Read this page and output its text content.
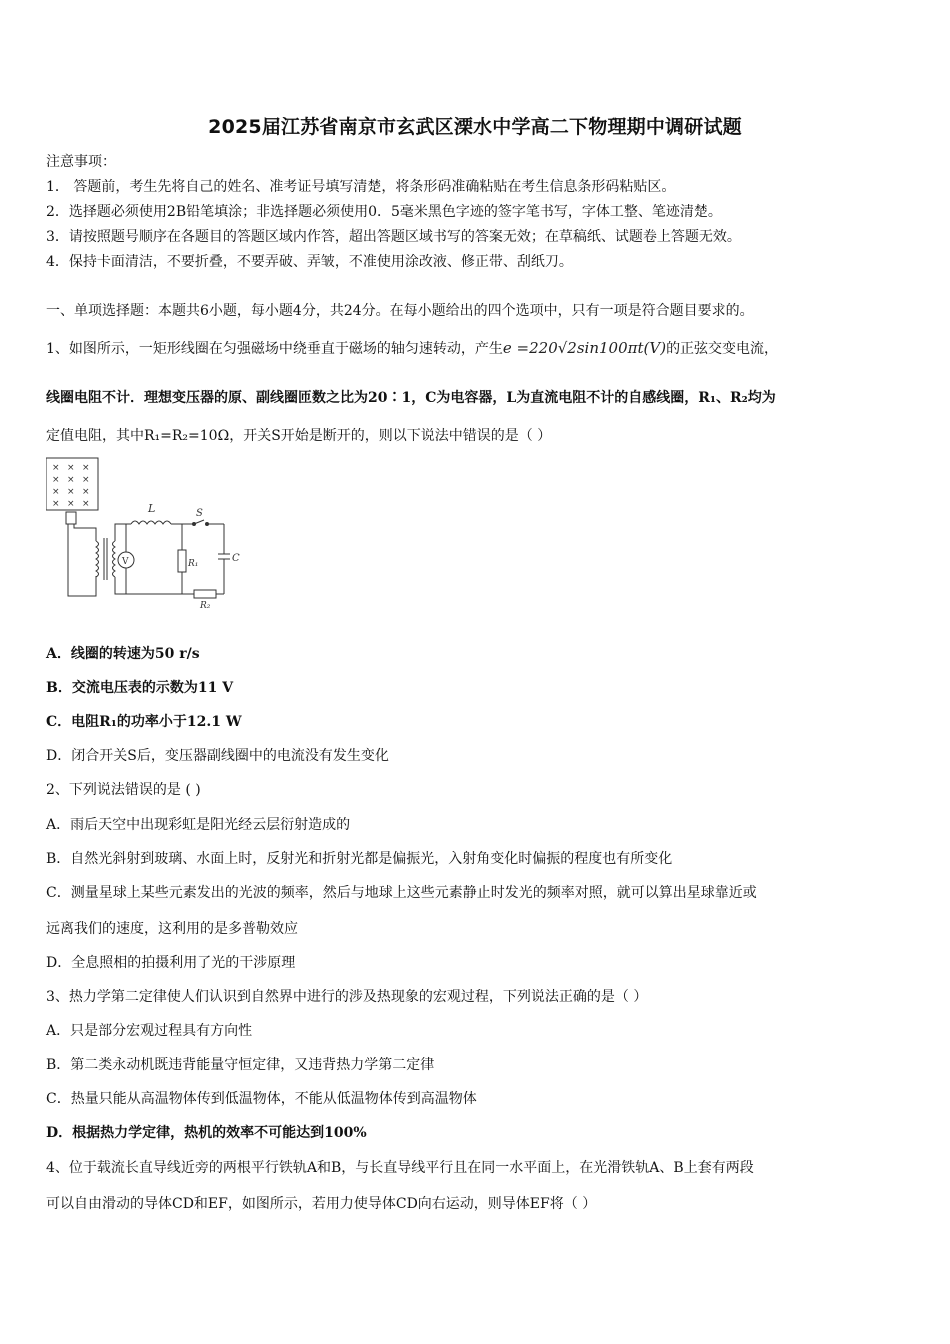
2025届江苏省南京市玄武区溧水中学高二下物理期中调研试题
注意事项：
1． 答题前，考生先将自己的姓名、准考证号填写清楚，将条形码准确粘贴在考生信息条形码粘贴区。
2．选择题必须使用2B铅笔填涂；非选择题必须使用0．5毫米黑色字迹的签字笔书写，字体工整、笔迹清楚。
3．请按照题号顺序在各题目的答题区域内作答，超出答题区域书写的答案无效；在草稿纸、试题卷上答题无效。
4．保持卡面清洁，不要折叠，不要弄破、弄皱，不准使用涂改液、修正带、刮纸刀。
一、单项选择题：本题共6小题，每小题4分，共24分。在每小题给出的四个选项中，只有一项是符合题目要求的。
1、如图所示，一矩形线圈在匀强磁场中绕垂直于磁场的轴匀速转动，产生e =220√2sin100πt(V)的正弦交变电流，
线圈电阻不计．理想变压器的原、副线圈匝数之比为20∶1，C为电容器，L为直流电阻不计的自感线圈，R₁、R₂均为
定值电阻，其中R₁=R₂=10Ω，开关S开始是断开的，则以下说法中错误的是（ ）
× × ×
× × ×
× × ×
× × ×	L	S
R₁	C
R₂
V
A．线圈的转速为50 r/s
B．交流电压表的示数为11 V
C．电阻R₁的功率小于12.1 W
D．闭合开关S后，变压器副线圈中的电流没有发生变化
2、下列说法错误的是 ( )
A．雨后天空中出现彩虹是阳光经云层衍射造成的
B．自然光斜射到玻璃、水面上时，反射光和折射光都是偏振光，入射角变化时偏振的程度也有所变化
C．测量星球上某些元素发出的光波的频率，然后与地球上这些元素静止时发光的频率对照，就可以算出星球靠近或
远离我们的速度，这利用的是多普勒效应
D．全息照相的拍摄利用了光的干涉原理
3、热力学第二定律使人们认识到自然界中进行的涉及热现象的宏观过程，下列说法正确的是（ ）
A．只是部分宏观过程具有方向性
B．第二类永动机既违背能量守恒定律，又违背热力学第二定律
C．热量只能从高温物体传到低温物体，不能从低温物体传到高温物体
D．根据热力学定律，热机的效率不可能达到100%
4、位于载流长直导线近旁的两根平行铁轨A和B，与长直导线平行且在同一水平面上，在光滑铁轨A、B上套有两段
可以自由滑动的导体CD和EF，如图所示，若用力使导体CD向右运动，则导体EF将（ ）
